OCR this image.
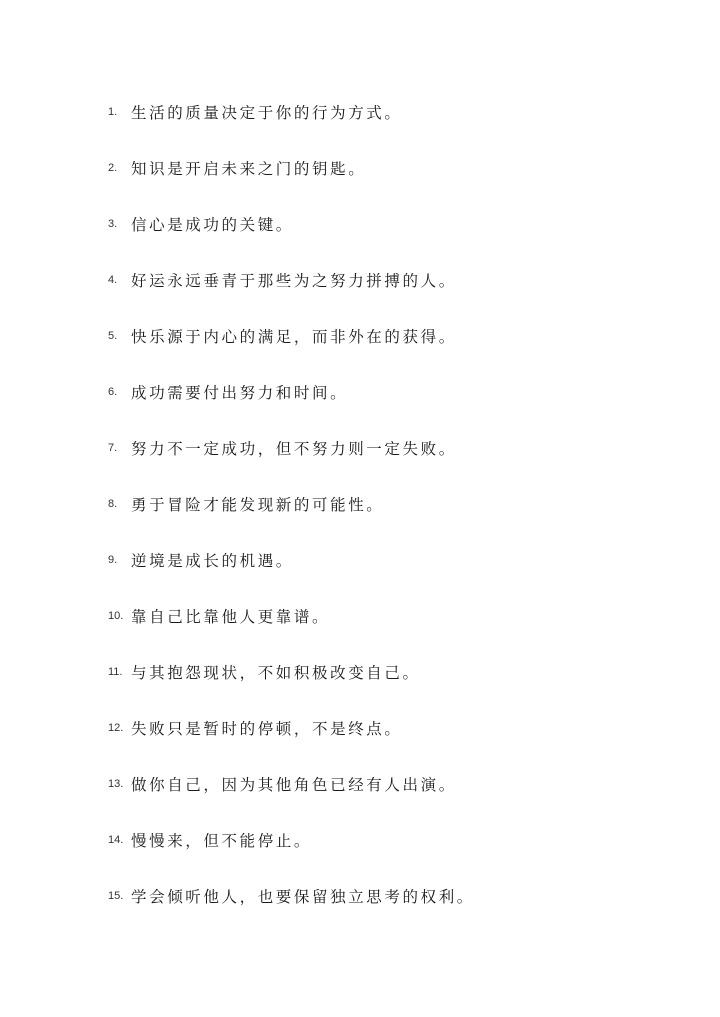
1. 生活的质量决定于你的行为方式。
2. 知识是开启未来之门的钥匙。
3. 信心是成功的关键。
4. 好运永远垂青于那些为之努力拼搏的人。
5. 快乐源于内心的满足，而非外在的获得。
6. 成功需要付出努力和时间。
7. 努力不一定成功，但不努力则一定失败。
8. 勇于冒险才能发现新的可能性。
9. 逆境是成长的机遇。
10. 靠自己比靠他人更靠谱。
11. 与其抱怨现状，不如积极改变自己。
12. 失败只是暂时的停顿，不是终点。
13. 做你自己，因为其他角色已经有人出演。
14. 慢慢来，但不能停止。
15. 学会倾听他人，也要保留独立思考的权利。
